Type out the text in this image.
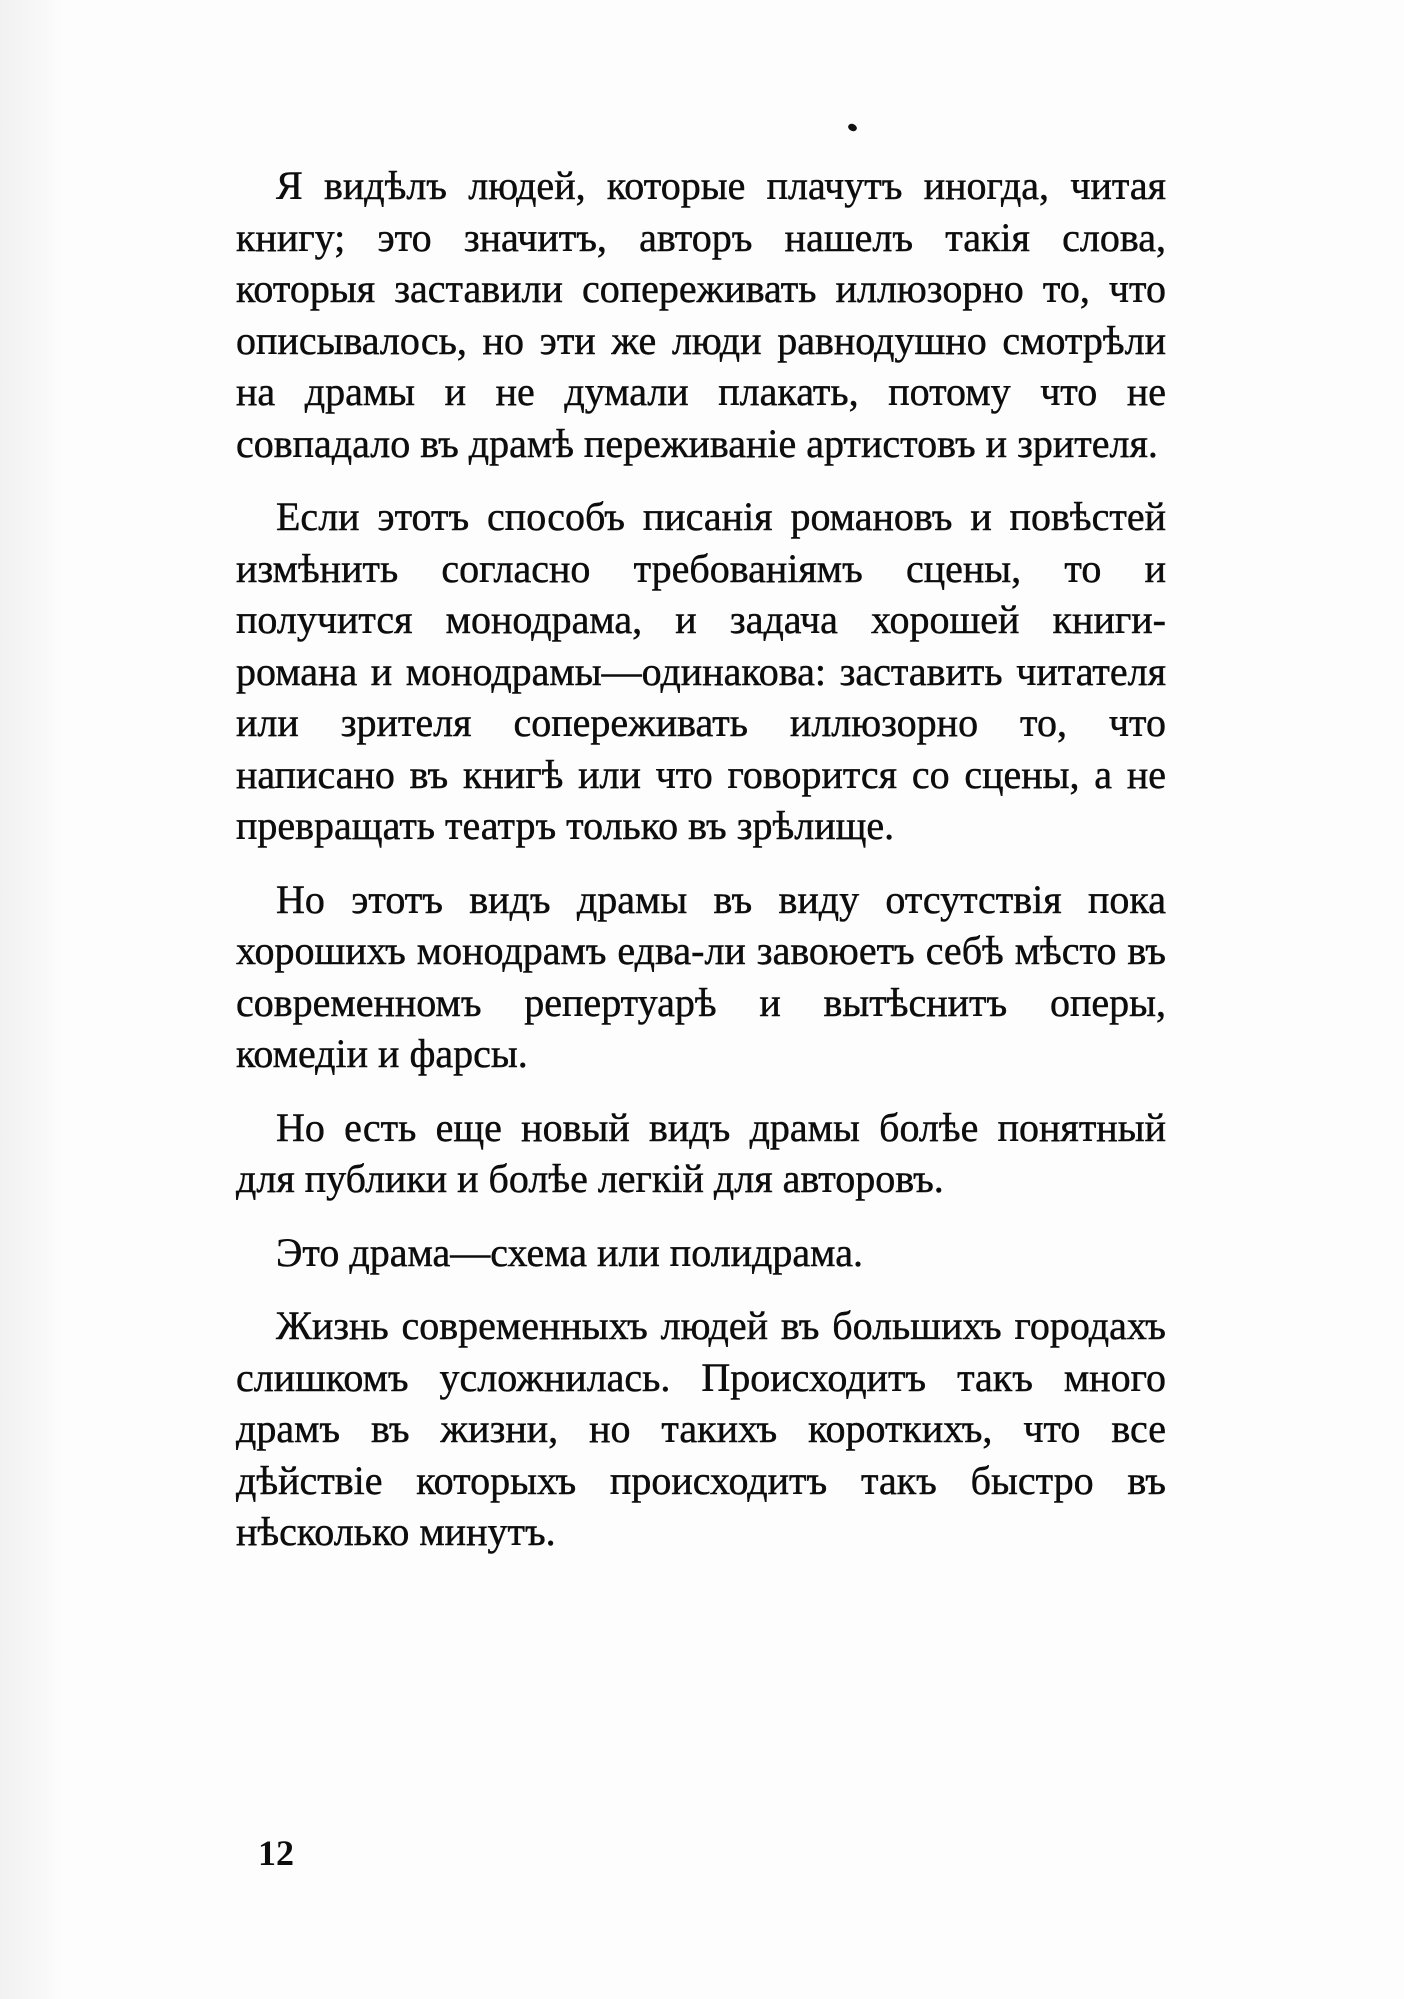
Я видѣлъ людей, которые плачутъ иногда, читая книгу; это значитъ, авторъ нашелъ такія слова, которыя заставили сопереживать иллюзорно то, что описывалось, но эти же люди равнодушно смотрѣли на драмы и не думали плакать, потому что не совпадало въ драмѣ переживаніе артистовъ и зрителя.

Если этотъ способъ писанія романовъ и повѣстей измѣнить согласно требованіямъ сцены, то и получится монодрама, и задача хорошей книги-романа и монодрамы—одинакова: заставить читателя или зрителя сопереживать иллюзорно то, что написано въ книгѣ или что говорится со сцены, а не превращать театръ только въ зрѣлище.

Но этотъ видъ драмы въ виду отсутствія пока хорошихъ монодрамъ едва-ли завоюетъ себѣ мѣсто въ современномъ репертуарѣ и вытѣснитъ оперы, комедіи и фарсы.

Но есть еще новый видъ драмы болѣе понятный для публики и болѣе легкій для авторовъ.

Это драма—схема или полидрама.

Жизнь современныхъ людей въ большихъ городахъ слишкомъ усложнилась. Происходитъ такъ много драмъ въ жизни, но такихъ короткихъ, что все дѣйствіе которыхъ происходитъ такъ быстро въ нѣсколько минутъ.

12
